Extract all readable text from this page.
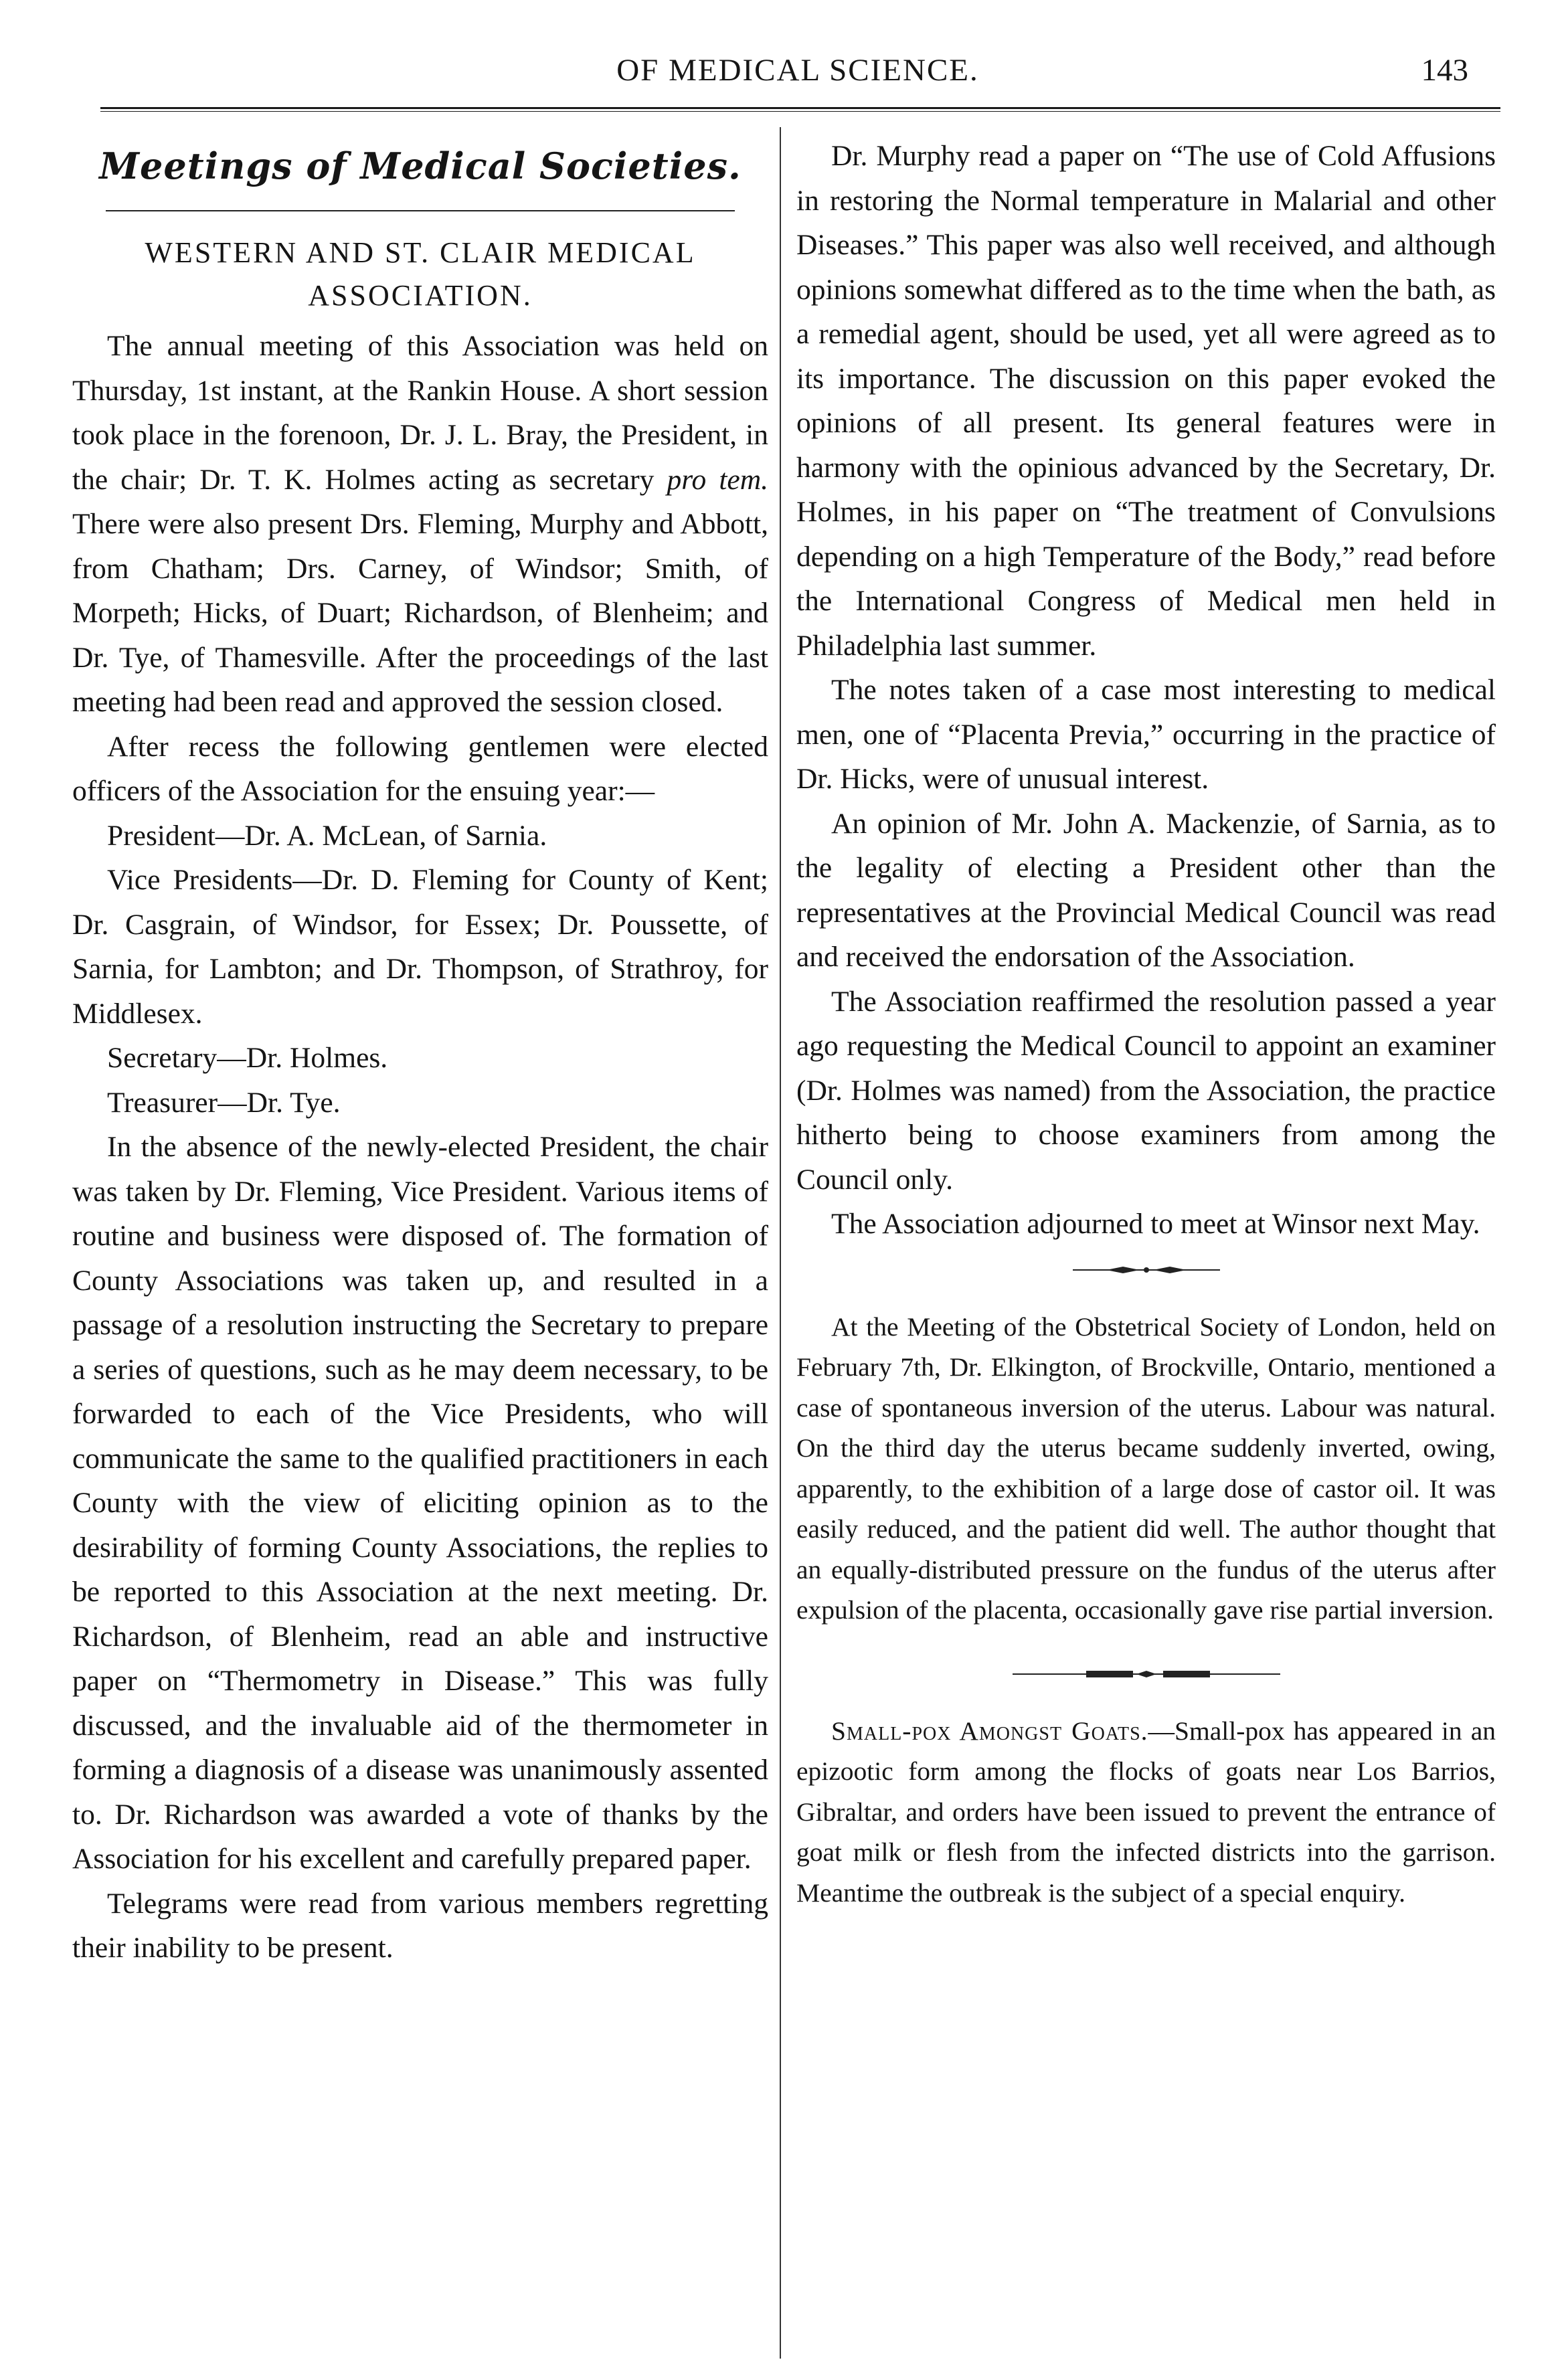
OF MEDICAL SCIENCE.	143
Meetings of Medical Societies.
WESTERN AND ST. CLAIR MEDICAL ASSOCIATION.

The annual meeting of this Association was held on Thursday, 1st instant, at the Rankin House. A short session took place in the forenoon, Dr. J. L. Bray, the President, in the chair; Dr. T. K. Holmes acting as secretary pro tem. There were also present Drs. Fleming, Murphy and Abbott, from Chatham; Drs. Carney, of Windsor; Smith, of Morpeth; Hicks, of Duart; Richardson, of Blenheim; and Dr. Tye, of Thamesville. After the proceedings of the last meeting had been read and approved the session closed.

After recess the following gentlemen were elected officers of the Association for the ensuing year:—

President—Dr. A. McLean, of Sarnia.

Vice Presidents—Dr. D. Fleming for County of Kent; Dr. Casgrain, of Windsor, for Essex; Dr. Poussette, of Sarnia, for Lambton; and Dr. Thompson, of Strathroy, for Middlesex.

Secretary—Dr. Holmes.

Treasurer—Dr. Tye.

In the absence of the newly-elected President, the chair was taken by Dr. Fleming, Vice President. Various items of routine and business were disposed of. The formation of County Associations was taken up, and resulted in a passage of a resolution instructing the Secretary to prepare a series of questions, such as he may deem necessary, to be forwarded to each of the Vice Presidents, who will communicate the same to the qualified practitioners in each County with the view of eliciting opinion as to the desirability of forming County Associations, the replies to be reported to this Association at the next meeting. Dr. Richardson, of Blenheim, read an able and instructive paper on “Thermometry in Disease.” This was fully discussed, and the invaluable aid of the thermometer in forming a diagnosis of a disease was unanimously assented to. Dr. Richardson was awarded a vote of thanks by the Association for his excellent and carefully prepared paper.

Telegrams were read from various members regretting their inability to be present.

Dr. Murphy read a paper on “The use of Cold Affusions in restoring the Normal temperature in Malarial and other Diseases.” This paper was also well received, and although opinions somewhat differed as to the time when the bath, as a remedial agent, should be used, yet all were agreed as to its importance. The discussion on this paper evoked the opinions of all present. Its general features were in harmony with the opinious advanced by the Secretary, Dr. Holmes, in his paper on “The treatment of Convulsions depending on a high Temperature of the Body,” read before the International Congress of Medical men held in Philadelphia last summer.

The notes taken of a case most interesting to medical men, one of “Placenta Previa,” occurring in the practice of Dr. Hicks, were of unusual interest.

An opinion of Mr. John A. Mackenzie, of Sarnia, as to the legality of electing a President other than the representatives at the Provincial Medical Council was read and received the endorsation of the Association.

The Association reaffirmed the resolution passed a year ago requesting the Medical Council to appoint an examiner (Dr. Holmes was named) from the Association, the practice hitherto being to choose examiners from among the Council only.

The Association adjourned to meet at Winsor next May.

At the Meeting of the Obstetrical Society of London, held on February 7th, Dr. Elkington, of Brockville, Ontario, mentioned a case of spontaneous inversion of the uterus. Labour was natural. On the third day the uterus became suddenly inverted, owing, apparently, to the exhibition of a large dose of castor oil. It was easily reduced, and the patient did well. The author thought that an equally-distributed pressure on the fundus of the uterus after expulsion of the placenta, occasionally gave rise partial inversion.

Small-pox Amongst Goats.—Small-pox has appeared in an epizootic form among the flocks of goats near Los Barrios, Gibraltar, and orders have been issued to prevent the entrance of goat milk or flesh from the infected districts into the garrison. Meantime the outbreak is the subject of a special enquiry.
